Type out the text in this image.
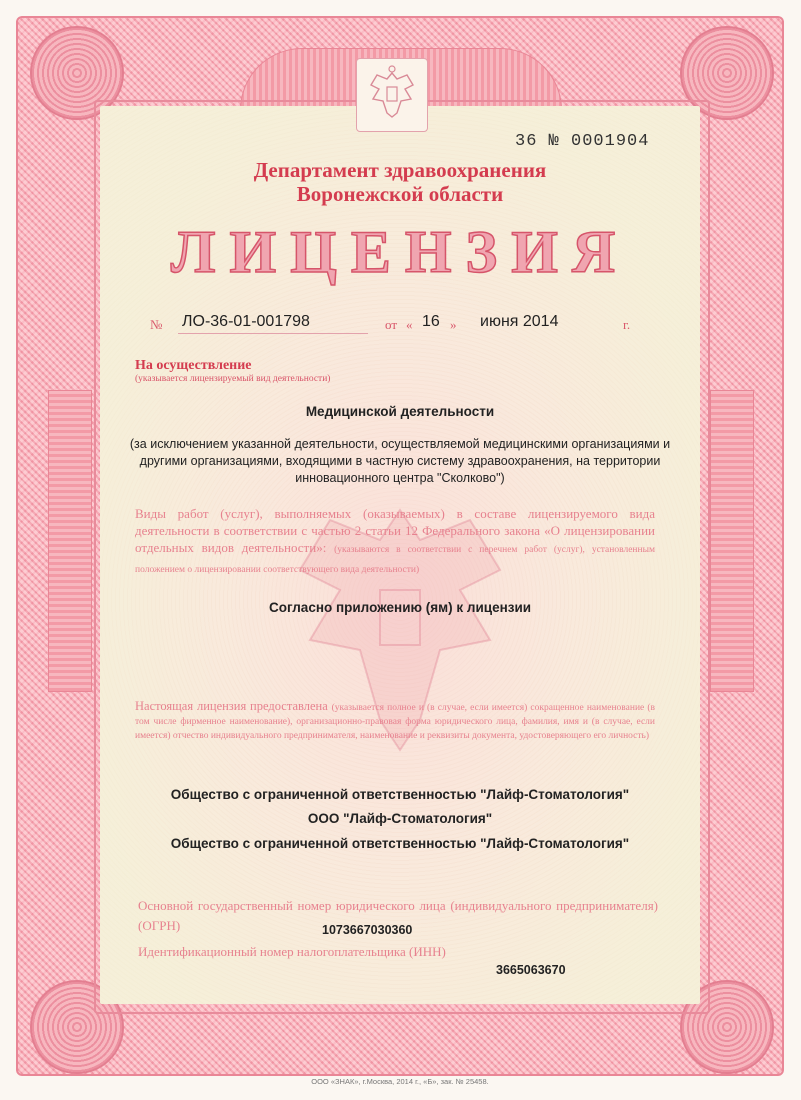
36 № 0001904
Департамент здравоохранения
Воронежской области
ЛИЦЕНЗИЯ
№ ЛО-36-01-001798	от « 16 » июня 2014	г.
На осуществление
(указывается лицензируемый вид деятельности)
Медицинской деятельности
(за исключением указанной деятельности, осуществляемой медицинскими организациями и другими организациями, входящими в частную систему здравоохранения, на территории инновационного центра "Сколково")
Виды работ (услуг), выполняемых (оказываемых) в составе лицензируемого вида деятельности в соответствии с частью 2 статьи 12 Федерального закона «О лицензировании отдельных видов деятельности»: (указываются в соответствии с перечнем работ (услуг), установленным положением о лицензировании соответствующего вида деятельности)
Согласно приложению (ям) к лицензии
Настоящая лицензия предоставлена (указывается полное и (в случае, если имеется) сокращенное наименование (в том числе фирменное наименование), организационно-правовая форма юридического лица, фамилия, имя и (в случае, если имеется) отчество индивидуального предпринимателя, наименование и реквизиты документа, удостоверяющего его личность)
Общество с ограниченной ответственностью "Лайф-Стоматология"
ООО "Лайф-Стоматология"
Общество с ограниченной ответственностью "Лайф-Стоматология"
Основной государственный номер юридического лица (индивидуального предпринимателя) (ОГРН)	1073667030360
Идентификационный номер налогоплательщика (ИНН)
3665063670
ООО «ЗНАК», г.Москва, 2014 г., «Б», зак. № 25458.
